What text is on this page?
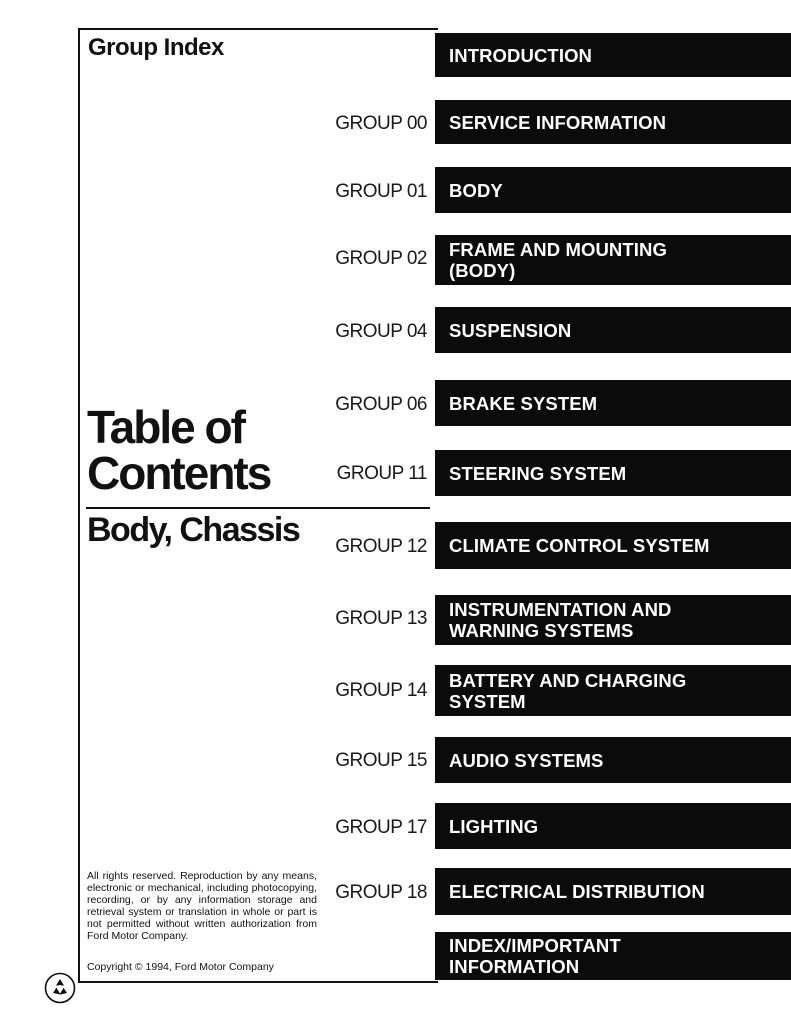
Group Index
Table of
Contents
Body, Chassis
INTRODUCTION
GROUP 00 SERVICE INFORMATION
GROUP 01 BODY
GROUP 02 FRAME AND MOUNTING
(BODY)
GROUP 04 SUSPENSION
GROUP 06 BRAKE SYSTEM
GROUP 11 STEERING SYSTEM
GROUP 12 CLIMATE CONTROL SYSTEM
GROUP 13 INSTRUMENTATION AND
WARNING SYSTEMS
GROUP 14 BATTERY AND CHARGING
SYSTEM
GROUP 15 AUDIO SYSTEMS
GROUP 17 LIGHTING
GROUP 18 ELECTRICAL DISTRIBUTION
INDEX/IMPORTANT
INFORMATION

All rights reserved. Reproduction by any means, electronic or mechanical, including photocopying, recording, or by any information storage and retrieval system or translation in whole or part is not permitted without written authorization from Ford Motor Company.

Copyright © 1994, Ford Motor Company
